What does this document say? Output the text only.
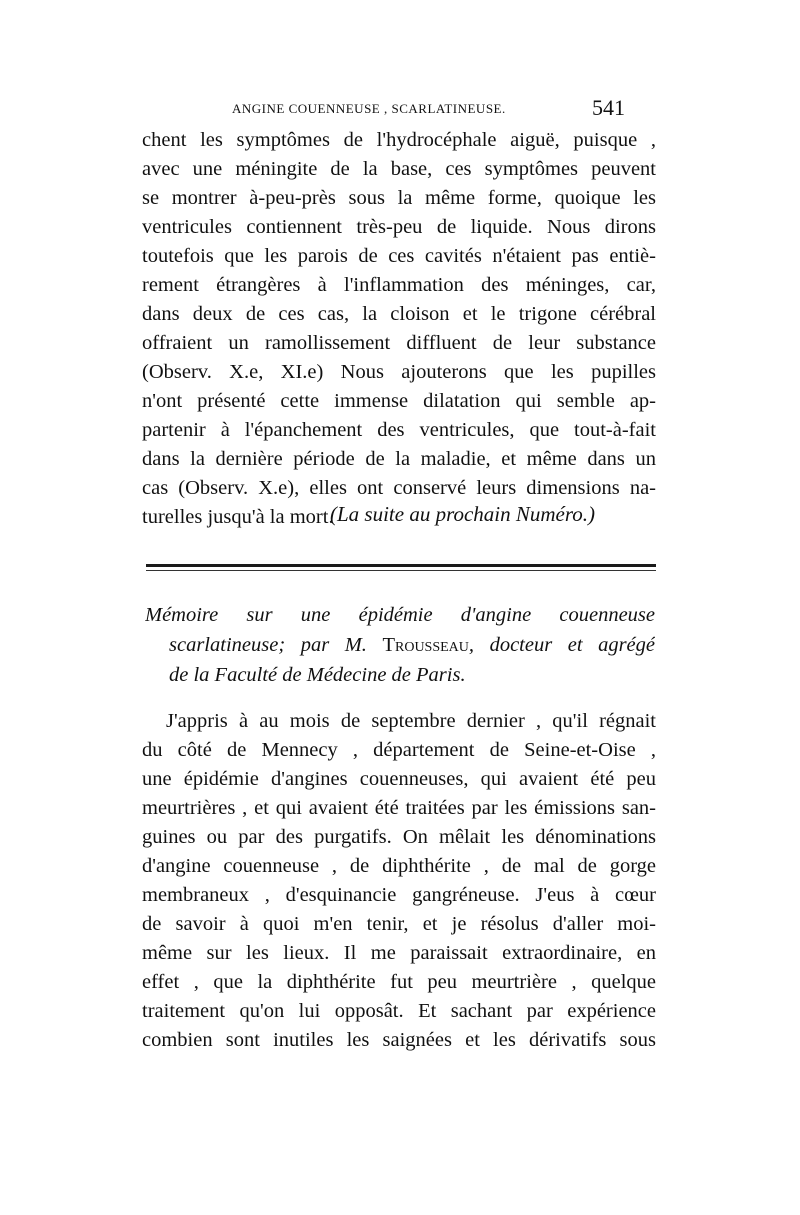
ANGINE COUENNEUSE , SCARLATINEUSE.	541
chent les symptômes de l'hydrocéphale aiguë, puisque ,
avec une méningite de la base, ces symptômes peuvent
se montrer à-peu-près sous la même forme, quoique les
ventricules contiennent très-peu de liquide. Nous dirons
toutefois que les parois de ces cavités n'étaient pas entiè-
rement étrangères à l'inflammation des méninges, car,
dans deux de ces cas, la cloison et le trigone cérébral
offraient un ramollissement diffluent de leur substance
(Observ. X.e, XI.e) Nous ajouterons que les pupilles
n'ont présenté cette immense dilatation qui semble ap-
partenir à l'épanchement des ventricules, que tout-à-fait
dans la dernière période de la maladie, et même dans un
cas (Observ. X.e), elles ont conservé leurs dimensions na-
turelles jusqu'à la mort.
(La suite au prochain Numéro.)
Mémoire sur une épidémie d'angine couenneuse
scarlatineuse; par M. Trousseau, docteur et agrégé
de la Faculté de Médecine de Paris.
J'appris à au mois de septembre dernier , qu'il régnait
du côté de Mennecy , département de Seine-et-Oise ,
une épidémie d'angines couenneuses, qui avaient été peu
meurtrières , et qui avaient été traitées par les émissions san-
guines ou par des purgatifs. On mêlait les dénominations
d'angine couenneuse , de diphthérite , de mal de gorge
membraneux , d'esquinancie gangréneuse. J'eus à cœur
de savoir à quoi m'en tenir, et je résolus d'aller moi-
même sur les lieux. Il me paraissait extraordinaire, en
effet , que la diphthérite fut peu meurtrière , quelque
traitement qu'on lui opposât. Et sachant par expérience
combien sont inutiles les saignées et les dérivatifs sous
